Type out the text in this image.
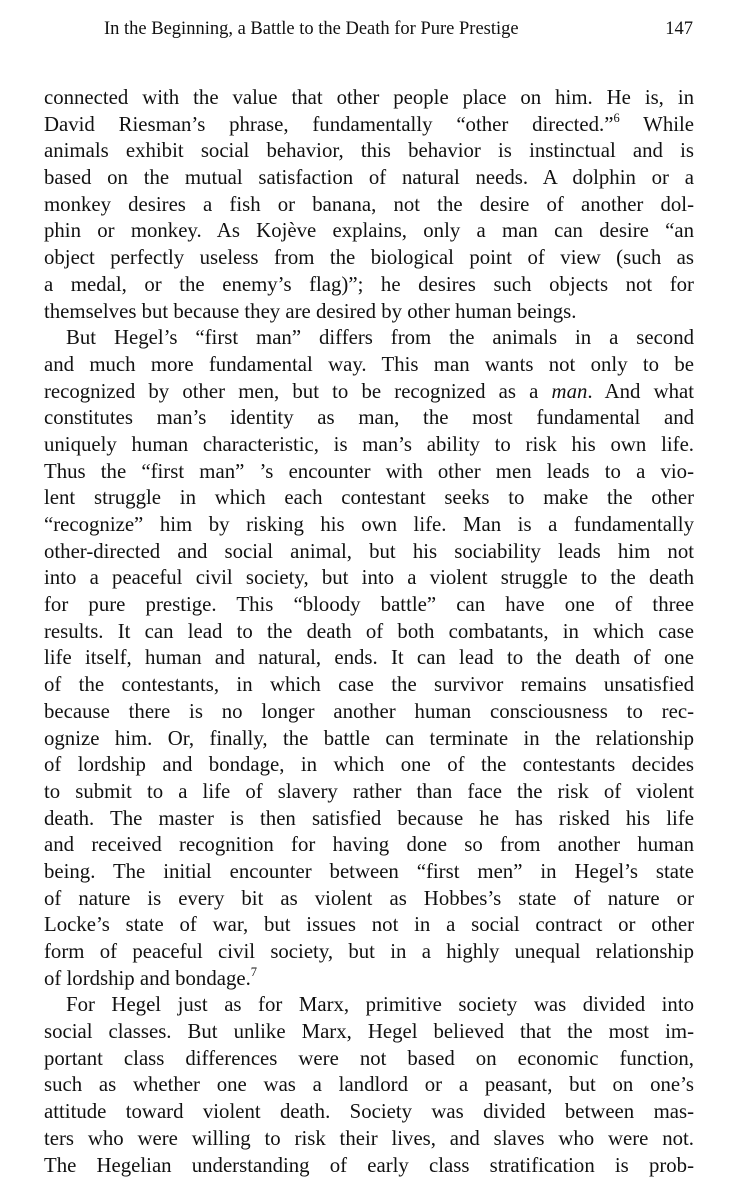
In the Beginning, a Battle to the Death for Pure Prestige	147
connected with the value that other people place on him. He is, in
David Riesman’s phrase, fundamentally “other directed.”$^6$ While
animals exhibit social behavior, this behavior is instinctual and is
based on the mutual satisfaction of natural needs. A dolphin or a
monkey desires a fish or banana, not the desire of another dol-
phin or monkey. As Kojève explains, only a man can desire “an
object perfectly useless from the biological point of view (such as
a medal, or the enemy’s flag)”; he desires such objects not for
themselves but because they are desired by other human beings.
But Hegel’s “first man” differs from the animals in a second
and much more fundamental way. This man wants not only to be
recognized by other men, but to be recognized as a man. And what
constitutes man’s identity as man, the most fundamental and
uniquely human characteristic, is man’s ability to risk his own life.
Thus the “first man” ’s encounter with other men leads to a vio-
lent struggle in which each contestant seeks to make the other
“recognize” him by risking his own life. Man is a fundamentally
other-directed and social animal, but his sociability leads him not
into a peaceful civil society, but into a violent struggle to the death
for pure prestige. This “bloody battle” can have one of three
results. It can lead to the death of both combatants, in which case
life itself, human and natural, ends. It can lead to the death of one
of the contestants, in which case the survivor remains unsatisfied
because there is no longer another human consciousness to rec-
ognize him. Or, finally, the battle can terminate in the relationship
of lordship and bondage, in which one of the contestants decides
to submit to a life of slavery rather than face the risk of violent
death. The master is then satisfied because he has risked his life
and received recognition for having done so from another human
being. The initial encounter between “first men” in Hegel’s state
of nature is every bit as violent as Hobbes’s state of nature or
Locke’s state of war, but issues not in a social contract or other
form of peaceful civil society, but in a highly unequal relationship
of lordship and bondage.$^7$
For Hegel just as for Marx, primitive society was divided into
social classes. But unlike Marx, Hegel believed that the most im-
portant class differences were not based on economic function,
such as whether one was a landlord or a peasant, but on one’s
attitude toward violent death. Society was divided between mas-
ters who were willing to risk their lives, and slaves who were not.
The Hegelian understanding of early class stratification is prob-
